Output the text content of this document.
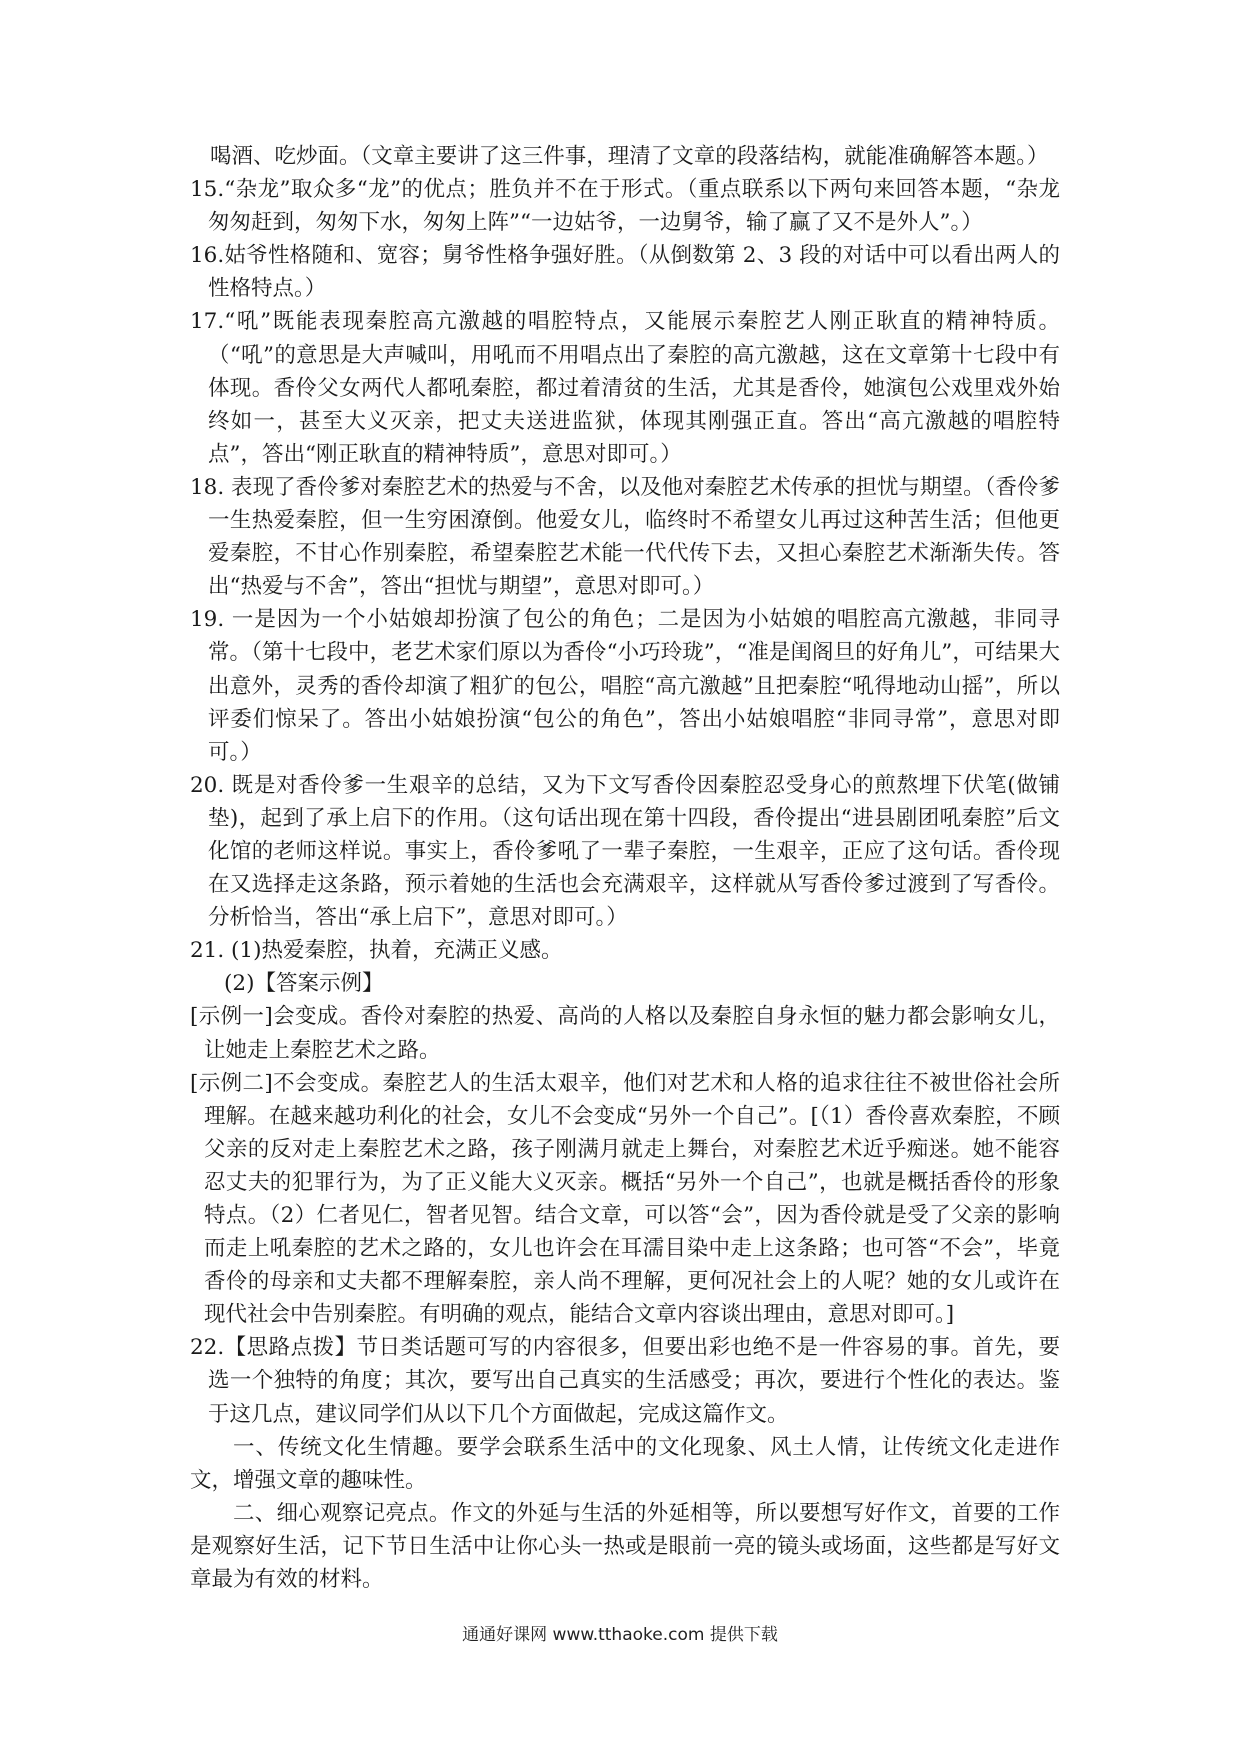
喝酒、吃炒面。（文章主要讲了这三件事，理清了文章的段落结构，就能准确解答本题。）

15.“杂龙”取众多“龙”的优点；胜负并不在于形式。（重点联系以下两句来回答本题，“杂龙匆匆赶到，匆匆下水，匆匆上阵”“一边姑爷，一边舅爷，输了赢了又不是外人”。）

16.姑爷性格随和、宽容；舅爷性格争强好胜。（从倒数第 2、3 段的对话中可以看出两人的性格特点。）

17.“吼”既能表现秦腔高亢激越的唱腔特点，又能展示秦腔艺人刚正耿直的精神特质。（“吼”的意思是大声喊叫，用吼而不用唱点出了秦腔的高亢激越，这在文章第十七段中有体现。香伶父女两代人都吼秦腔，都过着清贫的生活，尤其是香伶，她演包公戏里戏外始终如一，甚至大义灭亲，把丈夫送进监狱，体现其刚强正直。答出“高亢激越的唱腔特点”，答出“刚正耿直的精神特质”，意思对即可。）

18. 表现了香伶爹对秦腔艺术的热爱与不舍，以及他对秦腔艺术传承的担忧与期望。（香伶爹一生热爱秦腔，但一生穷困潦倒。他爱女儿，临终时不希望女儿再过这种苦生活；但他更爱秦腔，不甘心作别秦腔，希望秦腔艺术能一代代传下去，又担心秦腔艺术渐渐失传。答出“热爱与不舍”，答出“担忧与期望”，意思对即可。）

19. 一是因为一个小姑娘却扮演了包公的角色；二是因为小姑娘的唱腔高亢激越，非同寻常。（第十七段中，老艺术家们原以为香伶“小巧玲珑”，“准是闺阁旦的好角儿”，可结果大出意外，灵秀的香伶却演了粗犷的包公，唱腔“高亢激越”且把秦腔“吼得地动山摇”，所以评委们惊呆了。答出小姑娘扮演“包公的角色”，答出小姑娘唱腔“非同寻常”，意思对即可。）

20. 既是对香伶爹一生艰辛的总结，又为下文写香伶因秦腔忍受身心的煎熬埋下伏笔(做铺垫)，起到了承上启下的作用。（这句话出现在第十四段，香伶提出“进县剧团吼秦腔”后文化馆的老师这样说。事实上，香伶爹吼了一辈子秦腔，一生艰辛，正应了这句话。香伶现在又选择走这条路，预示着她的生活也会充满艰辛，这样就从写香伶爹过渡到了写香伶。分析恰当，答出“承上启下”，意思对即可。）

21. (1)热爱秦腔，执着，充满正义感。

(2)【答案示例】

[示例一]会变成。香伶对秦腔的热爱、高尚的人格以及秦腔自身永恒的魅力都会影响女儿，让她走上秦腔艺术之路。

[示例二]不会变成。秦腔艺人的生活太艰辛，他们对艺术和人格的追求往往不被世俗社会所理解。在越来越功利化的社会，女儿不会变成“另外一个自己”。[（1）香伶喜欢秦腔，不顾父亲的反对走上秦腔艺术之路，孩子刚满月就走上舞台，对秦腔艺术近乎痴迷。她不能容忍丈夫的犯罪行为，为了正义能大义灭亲。概括“另外一个自己”，也就是概括香伶的形象特点。（2）仁者见仁，智者见智。结合文章，可以答“会”，因为香伶就是受了父亲的影响而走上吼秦腔的艺术之路的，女儿也许会在耳濡目染中走上这条路；也可答“不会”，毕竟香伶的母亲和丈夫都不理解秦腔，亲人尚不理解，更何况社会上的人呢？她的女儿或许在现代社会中告别秦腔。有明确的观点，能结合文章内容谈出理由，意思对即可。]

22.【思路点拨】节日类话题可写的内容很多，但要出彩也绝不是一件容易的事。首先，要选一个独特的角度；其次，要写出自己真实的生活感受；再次，要进行个性化的表达。鉴于这几点，建议同学们从以下几个方面做起，完成这篇作文。

一、传统文化生情趣。要学会联系生活中的文化现象、风土人情，让传统文化走进作文，增强文章的趣味性。

二、细心观察记亮点。作文的外延与生活的外延相等，所以要想写好作文，首要的工作是观察好生活，记下节日生活中让你心头一热或是眼前一亮的镜头或场面，这些都是写好文章最为有效的材料。

通通好课网 www.tthaoke.com 提供下载
